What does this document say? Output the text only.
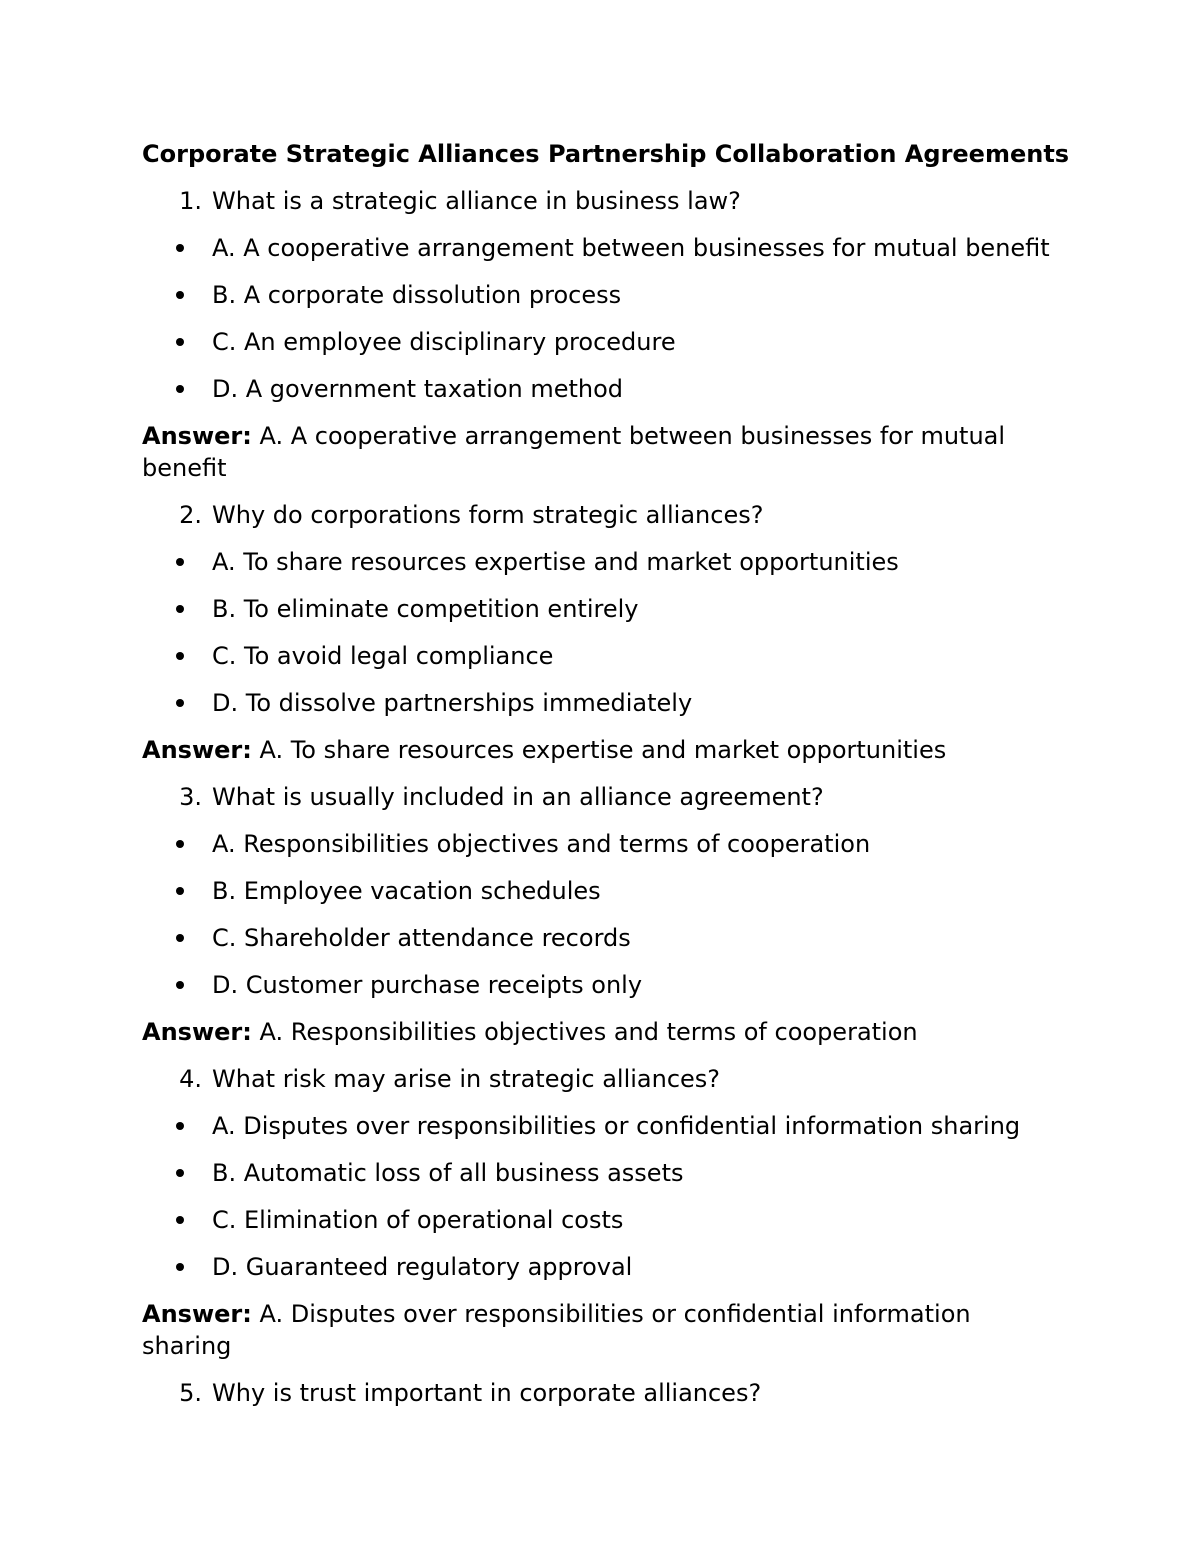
Corporate Strategic Alliances Partnership Collaboration Agreements
1. What is a strategic alliance in business law?
A. A cooperative arrangement between businesses for mutual benefit
B. A corporate dissolution process
C. An employee disciplinary procedure
D. A government taxation method
Answer: A. A cooperative arrangement between businesses for mutual benefit
2. Why do corporations form strategic alliances?
A. To share resources expertise and market opportunities
B. To eliminate competition entirely
C. To avoid legal compliance
D. To dissolve partnerships immediately
Answer: A. To share resources expertise and market opportunities
3. What is usually included in an alliance agreement?
A. Responsibilities objectives and terms of cooperation
B. Employee vacation schedules
C. Shareholder attendance records
D. Customer purchase receipts only
Answer: A. Responsibilities objectives and terms of cooperation
4. What risk may arise in strategic alliances?
A. Disputes over responsibilities or confidential information sharing
B. Automatic loss of all business assets
C. Elimination of operational costs
D. Guaranteed regulatory approval
Answer: A. Disputes over responsibilities or confidential information sharing
5. Why is trust important in corporate alliances?
